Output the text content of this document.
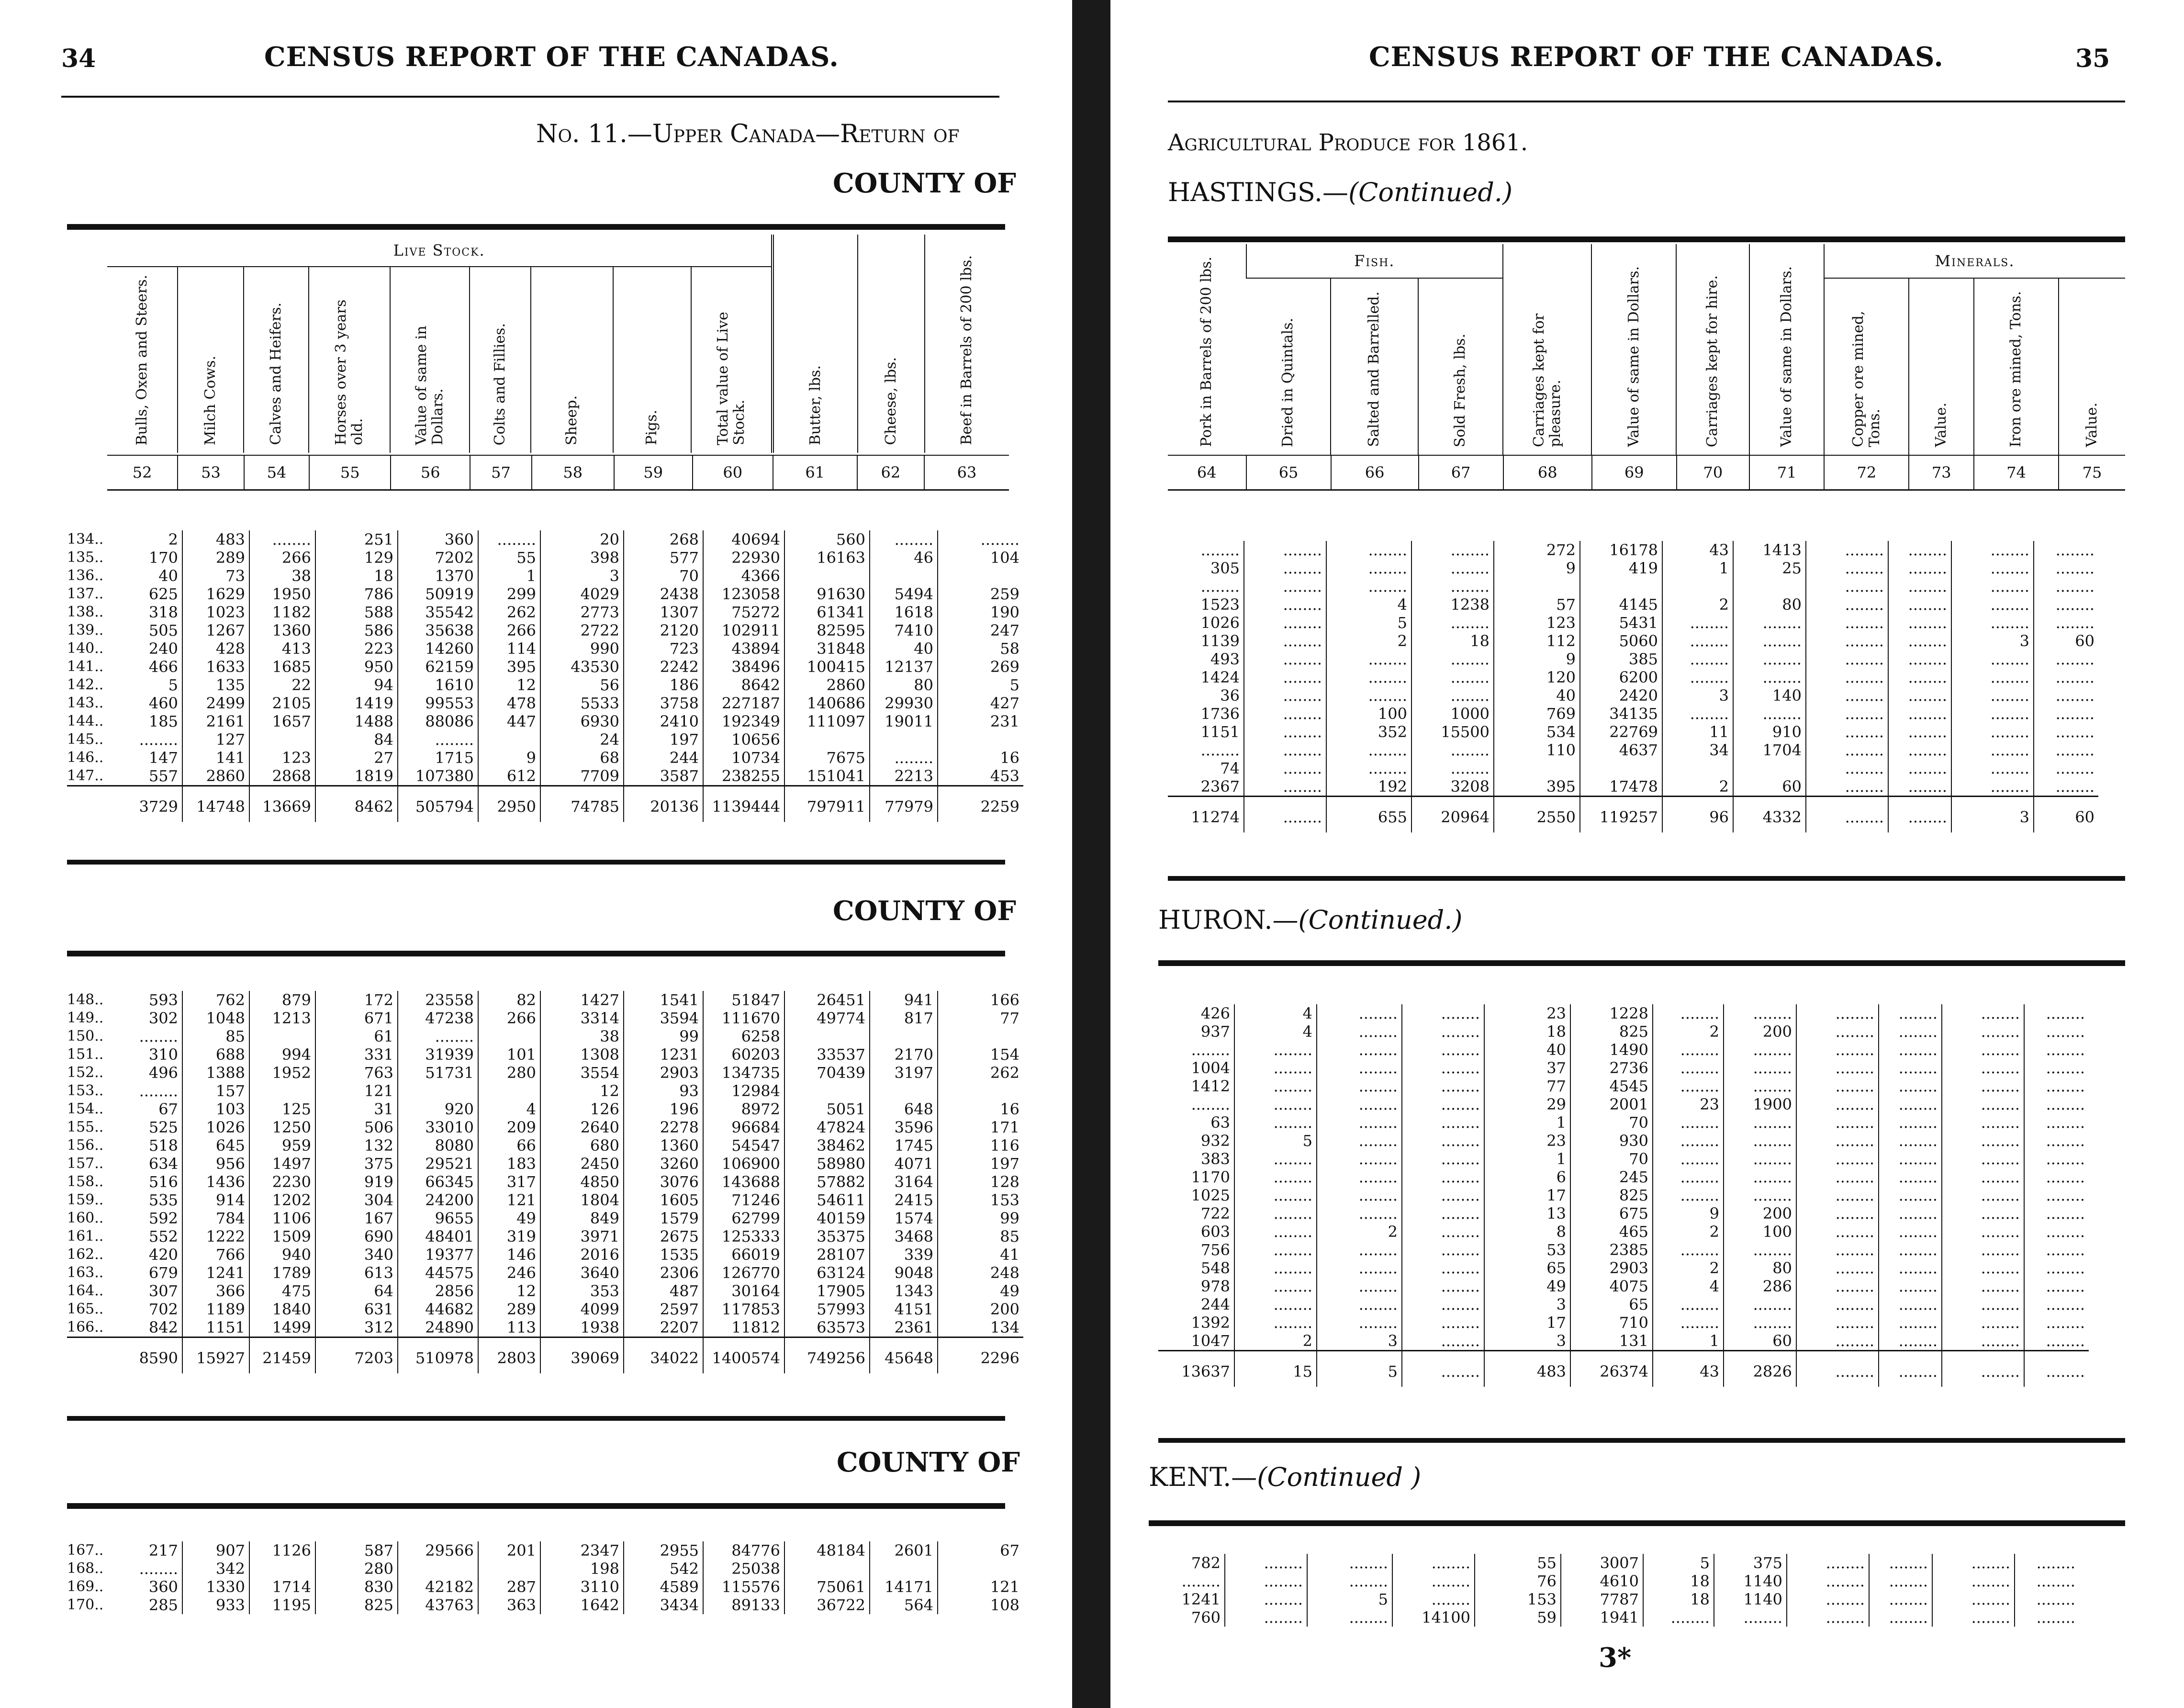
34	CENSUS REPORT OF THE CANADAS.
No. 11.—Upper Canada—Return of
COUNTY OF
Live Stock.									Butter, lbs.	Cheese, lbs.	Beef in Barrels of 200 lbs.
Bulls, Oxen and Steers.	Milch Cows.	Calves and Heifers.	Horses over 3 years old.	Value of same in Dollars.	Colts and Fillies.	Sheep.	Pigs.	Total value of Live Stock.			
52	53	54	55	56	57	58	59	60	61	62	63
134..	2	483	........	251	360	........	20	268	40694	560	........	........
135..	170	289	266	129	7202	55	398	577	22930	16163	46	104
136..	40	73	38	18	1370	1	3	70	4366			
137..	625	1629	1950	786	50919	299	4029	2438	123058	91630	5494	259
138..	318	1023	1182	588	35542	262	2773	1307	75272	61341	1618	190
139..	505	1267	1360	586	35638	266	2722	2120	102911	82595	7410	247
140..	240	428	413	223	14260	114	990	723	43894	31848	40	58
141..	466	1633	1685	950	62159	395	43530	2242	38496	100415	12137	269
142..	5	135	22	94	1610	12	56	186	8642	2860	80	5
143..	460	2499	2105	1419	99553	478	5533	3758	227187	140686	29930	427
144..	185	2161	1657	1488	88086	447	6930	2410	192349	111097	19011	231
145..	........	127		84	........		24	197	10656			
146..	147	141	123	27	1715	9	68	244	10734	7675	........	16
147..	557	2860	2868	1819	107380	612	7709	3587	238255	151041	2213	453
	3729	14748	13669	8462	505794	2950	74785	20136	1139444	797911	77979	2259
COUNTY OF
148..	593	762	879	172	23558	82	1427	1541	51847	26451	941	166
149..	302	1048	1213	671	47238	266	3314	3594	111670	49774	817	77
150..	........	85		61	........		38	99	6258			
151..	310	688	994	331	31939	101	1308	1231	60203	33537	2170	154
152..	496	1388	1952	763	51731	280	3554	2903	134735	70439	3197	262
153..	........	157		121			12	93	12984			
154..	67	103	125	31	920	4	126	196	8972	5051	648	16
155..	525	1026	1250	506	33010	209	2640	2278	96684	47824	3596	171
156..	518	645	959	132	8080	66	680	1360	54547	38462	1745	116
157..	634	956	1497	375	29521	183	2450	3260	106900	58980	4071	197
158..	516	1436	2230	919	66345	317	4850	3076	143688	57882	3164	128
159..	535	914	1202	304	24200	121	1804	1605	71246	54611	2415	153
160..	592	784	1106	167	9655	49	849	1579	62799	40159	1574	99
161..	552	1222	1509	690	48401	319	3971	2675	125333	35375	3468	85
162..	420	766	940	340	19377	146	2016	1535	66019	28107	339	41
163..	679	1241	1789	613	44575	246	3640	2306	126770	63124	9048	248
164..	307	366	475	64	2856	12	353	487	30164	17905	1343	49
165..	702	1189	1840	631	44682	289	4099	2597	117853	57993	4151	200
166..	842	1151	1499	312	24890	113	1938	2207	11812	63573	2361	134
	8590	15927	21459	7203	510978	2803	39069	34022	1400574	749256	45648	2296
COUNTY OF
167..	217	907	1126	587	29566	201	2347	2955	84776	48184	2601	67
168..	........	342		280			198	542	25038			
169..	360	1330	1714	830	42182	287	3110	4589	115576	75061	14171	121
170..	285	933	1195	825	43763	363	1642	3434	89133	36722	564	108
CENSUS REPORT OF THE CANADAS.	35
Agricultural Produce for 1861.
HASTINGS.—(Continued.)
Pork in Barrels of 200 lbs.	Fish.			Carriages kept for pleasure.	Value of same in Dollars.	Carriages kept for hire.	Value of same in Dollars.	Minerals.			
	Dried in Quintals.	Salted and Barrelled.	Sold Fresh, lbs.					Copper ore mined, Tons.	Value.	Iron ore mined, Tons.	Value.
64	65	66	67	68	69	70	71	72	73	74	75
........	........	........	........	272	16178	43	1413	........	........	........	........
305	........	........	........	9	419	1	25	........	........	........	........
........	........	........	........					........	........	........	........
1523	........	4	1238	57	4145	2	80	........	........	........	........
1026	........	5	........	123	5431	........	........	........	........	........	........
1139	........	2	18	112	5060	........	........	........	........	3	60
493	........	........	........	9	385	........	........	........	........	........	........
1424	........	........	........	120	6200	........	........	........	........	........	........
36	........	........	........	40	2420	3	140	........	........	........	........
1736	........	100	1000	769	34135	........	........	........	........	........	........
1151	........	352	15500	534	22769	11	910	........	........	........	........
........	........	........	........	110	4637	34	1704	........	........	........	........
74	........	........	........					........	........	........	........
2367	........	192	3208	395	17478	2	60	........	........	........	........
11274	........	655	20964	2550	119257	96	4332	........	........	3	60
HURON.—(Continued.)
426	4	........	........	23	1228	........	........	........	........	........	........
937	4	........	........	18	825	2	200	........	........	........	........
........	........	........	........	40	1490	........	........	........	........	........	........
1004	........	........	........	37	2736	........	........	........	........	........	........
1412	........	........	........	77	4545	........	........	........	........	........	........
........	........	........	........	29	2001	23	1900	........	........	........	........
63	........	........	........	1	70	........	........	........	........	........	........
932	5	........	........	23	930	........	........	........	........	........	........
383	........	........	........	1	70	........	........	........	........	........	........
1170	........	........	........	6	245	........	........	........	........	........	........
1025	........	........	........	17	825	........	........	........	........	........	........
722	........	........	........	13	675	9	200	........	........	........	........
603	........	2	........	8	465	2	100	........	........	........	........
756	........	........	........	53	2385	........	........	........	........	........	........
548	........	........	........	65	2903	2	80	........	........	........	........
978	........	........	........	49	4075	4	286	........	........	........	........
244	........	........	........	3	65	........	........	........	........	........	........
1392	........	........	........	17	710	........	........	........	........	........	........
1047	2	3	........	3	131	1	60	........	........	........	........
13637	15	5	........	483	26374	43	2826	........	........	........	........
KENT.—(Continued )
782	........	........	........	55	3007	5	375	........	........	........	........
........	........	........	........	76	4610	18	1140	........	........	........	........
1241	........	5	........	153	7787	18	1140	........	........	........	........
760	........	........	14100	59	1941	........	........	........	........	........	........
3*
